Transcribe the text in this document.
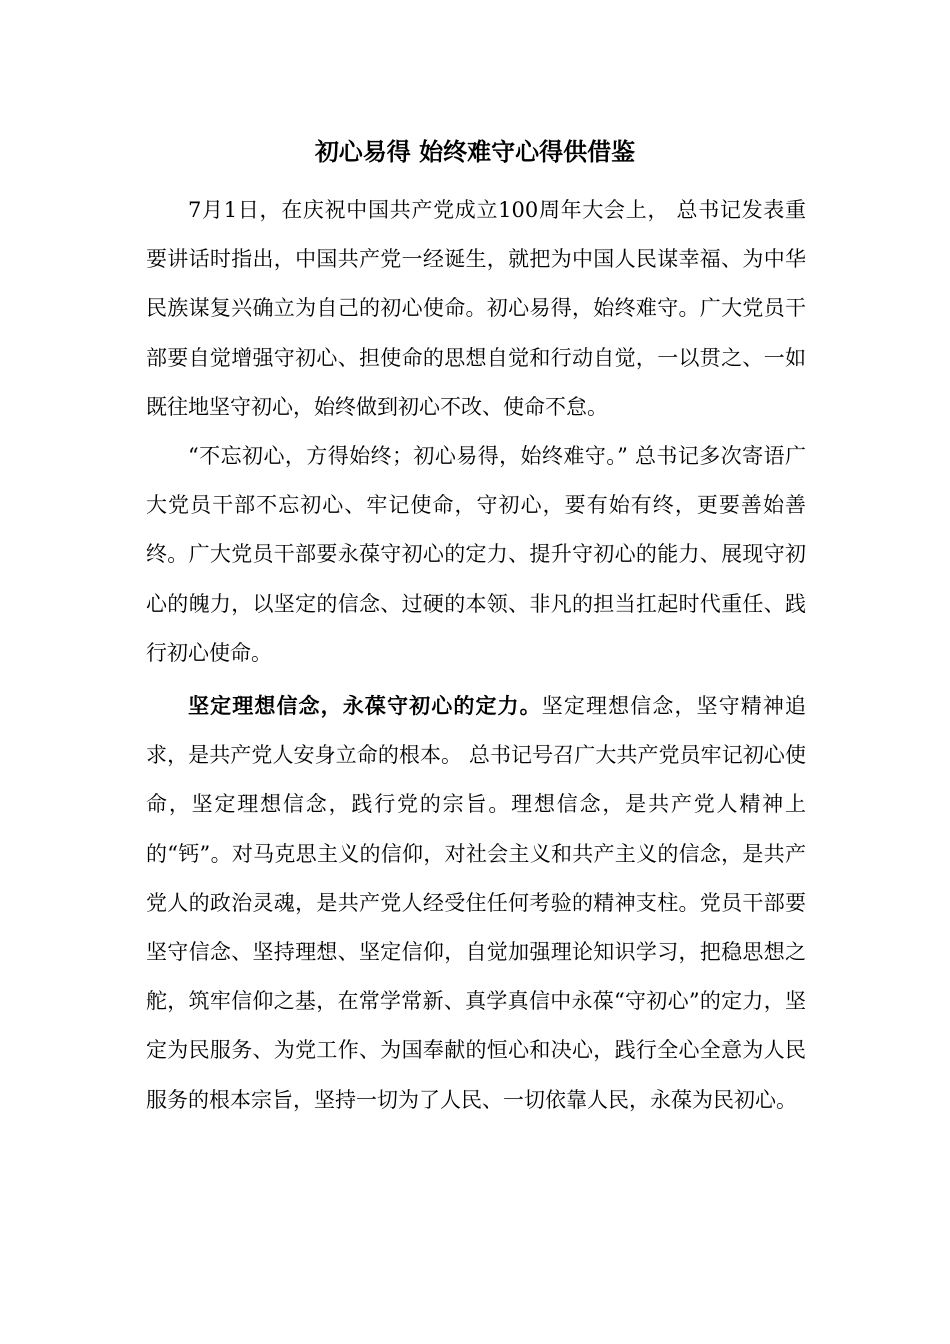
初心易得 始终难守心得供借鉴

7月1日，在庆祝中国共产党成立100周年大会上， 总书记发表重要讲话时指出，中国共产党一经诞生，就把为中国人民谋幸福、为中华民族谋复兴确立为自己的初心使命。初心易得，始终难守。广大党员干部要自觉增强守初心、担使命的思想自觉和行动自觉，一以贯之、一如既往地坚守初心，始终做到初心不改、使命不怠。

“不忘初心，方得始终；初心易得，始终难守。” 总书记多次寄语广大党员干部不忘初心、牢记使命，守初心，要有始有终，更要善始善终。广大党员干部要永葆守初心的定力、提升守初心的能力、展现守初心的魄力，以坚定的信念、过硬的本领、非凡的担当扛起时代重任、践行初心使命。

坚定理想信念，永葆守初心的定力。坚定理想信念，坚守精神追求，是共产党人安身立命的根本。 总书记号召广大共产党员牢记初心使命，坚定理想信念，践行党的宗旨。理想信念，是共产党人精神上的“钙”。对马克思主义的信仰，对社会主义和共产主义的信念，是共产党人的政治灵魂，是共产党人经受住任何考验的精神支柱。党员干部要坚守信念、坚持理想、坚定信仰，自觉加强理论知识学习，把稳思想之舵，筑牢信仰之基，在常学常新、真学真信中永葆“守初心”的定力，坚定为民服务、为党工作、为国奉献的恒心和决心，践行全心全意为人民服务的根本宗旨，坚持一切为了人民、一切依靠人民，永葆为民初心。
